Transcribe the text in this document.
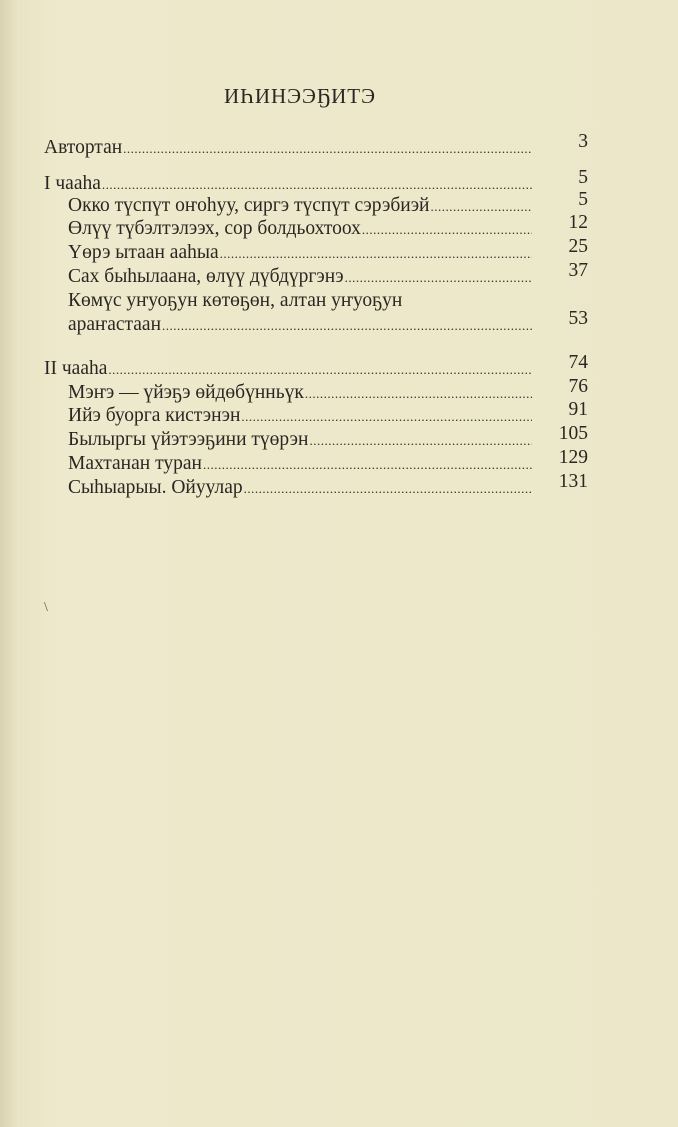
ИҺИНЭЭҔИТЭ
Автортан .....	3
I чааһа .....	5
Окко түспүт оҥоһуу, сиргэ түспүт сэрэбиэй .....	5
Өлүү түбэлтэлээх, сор болдьохтоох .....	12
Үөрэ ытаан ааһыа .....	25
Сах быһылаана, өлүү дүбдүргэнэ .....	37
Көмүс уҥуоҕун көтөҕөн, алтан уҥуоҕун
араҥастаан .....	53
II чааһа .....	74
Мэҥэ — үйэҕэ өйдөбүнньүк .....	76
Ийэ буорга кистэнэн .....	91
Былыргы үйэтээҕини түөрэн .....	105
Махтанан туран .....	129
Сыһыарыы. Ойуулар .....	131
\
